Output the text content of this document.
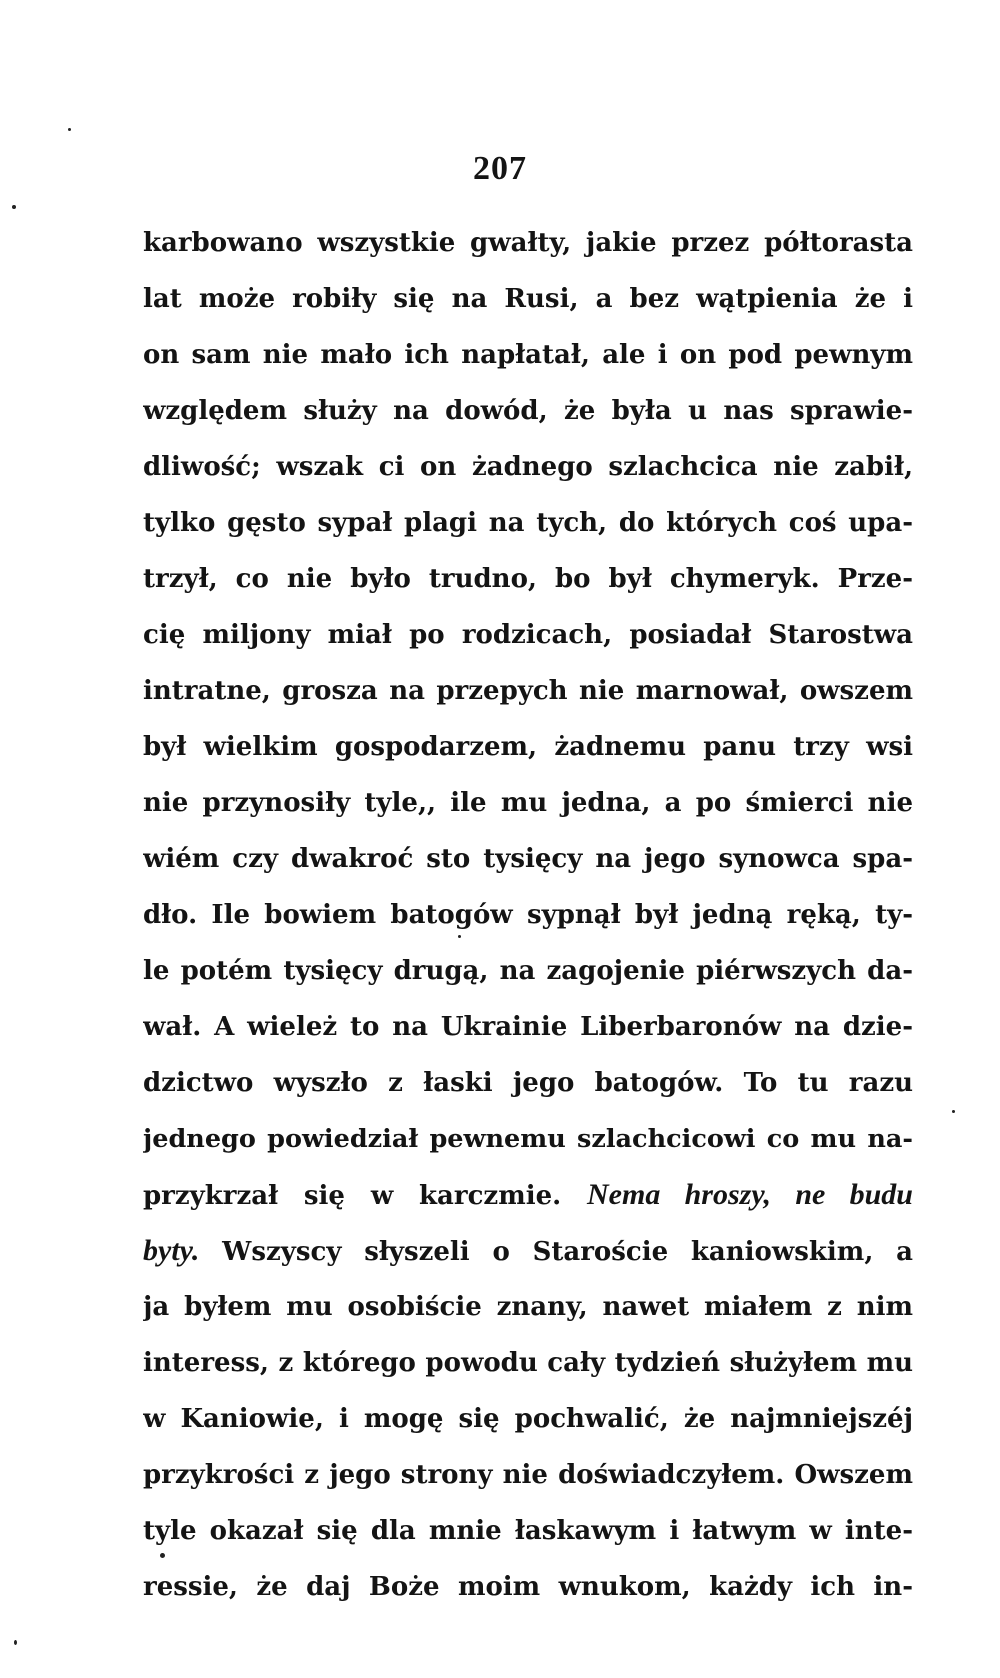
207
karbowano wszystkie gwałty, jakie przez półtorasta
lat może robiły się na Rusi, a bez wątpienia że i
on sam nie mało ich napłatał, ale i on pod pewnym
względem służy na dowód, że była u nas sprawie-
dliwość; wszak ci on żadnego szlachcica nie zabił,
tylko gęsto sypał plagi na tych, do których coś upa-
trzył, co nie było trudno, bo był chymeryk. Prze-
cię miljony miał po rodzicach, posiadał Starostwa
intratne, grosza na przepych nie marnował, owszem
był wielkim gospodarzem, żadnemu panu trzy wsi
nie przynosiły tyle,, ile mu jedna, a po śmierci nie
wiém czy dwakroć sto tysięcy na jego synowca spa-
dło. Ile bowiem batogów sypnął był jedną ręką, ty-
le potém tysięcy drugą, na zagojenie piérwszych da-
wał. A wieleż to na Ukrainie Liberbaronów na dzie-
dzictwo wyszło z łaski jego batogów. To tu razu
jednego powiedział pewnemu szlachcicowi co mu na-
przykrzał się w karczmie. Nema hroszy, ne budu
byty. Wszyscy słyszeli o Staroście kaniowskim, a
ja byłem mu osobiście znany, nawet miałem z nim
interess, z którego powodu cały tydzień służyłem mu
w Kaniowie, i mogę się pochwalić, że najmniejszéj
przykrości z jego strony nie doświadczyłem. Owszem
tyle okazał się dla mnie łaskawym i łatwym w inte-
ressie, że daj Boże moim wnukom, każdy ich in-
